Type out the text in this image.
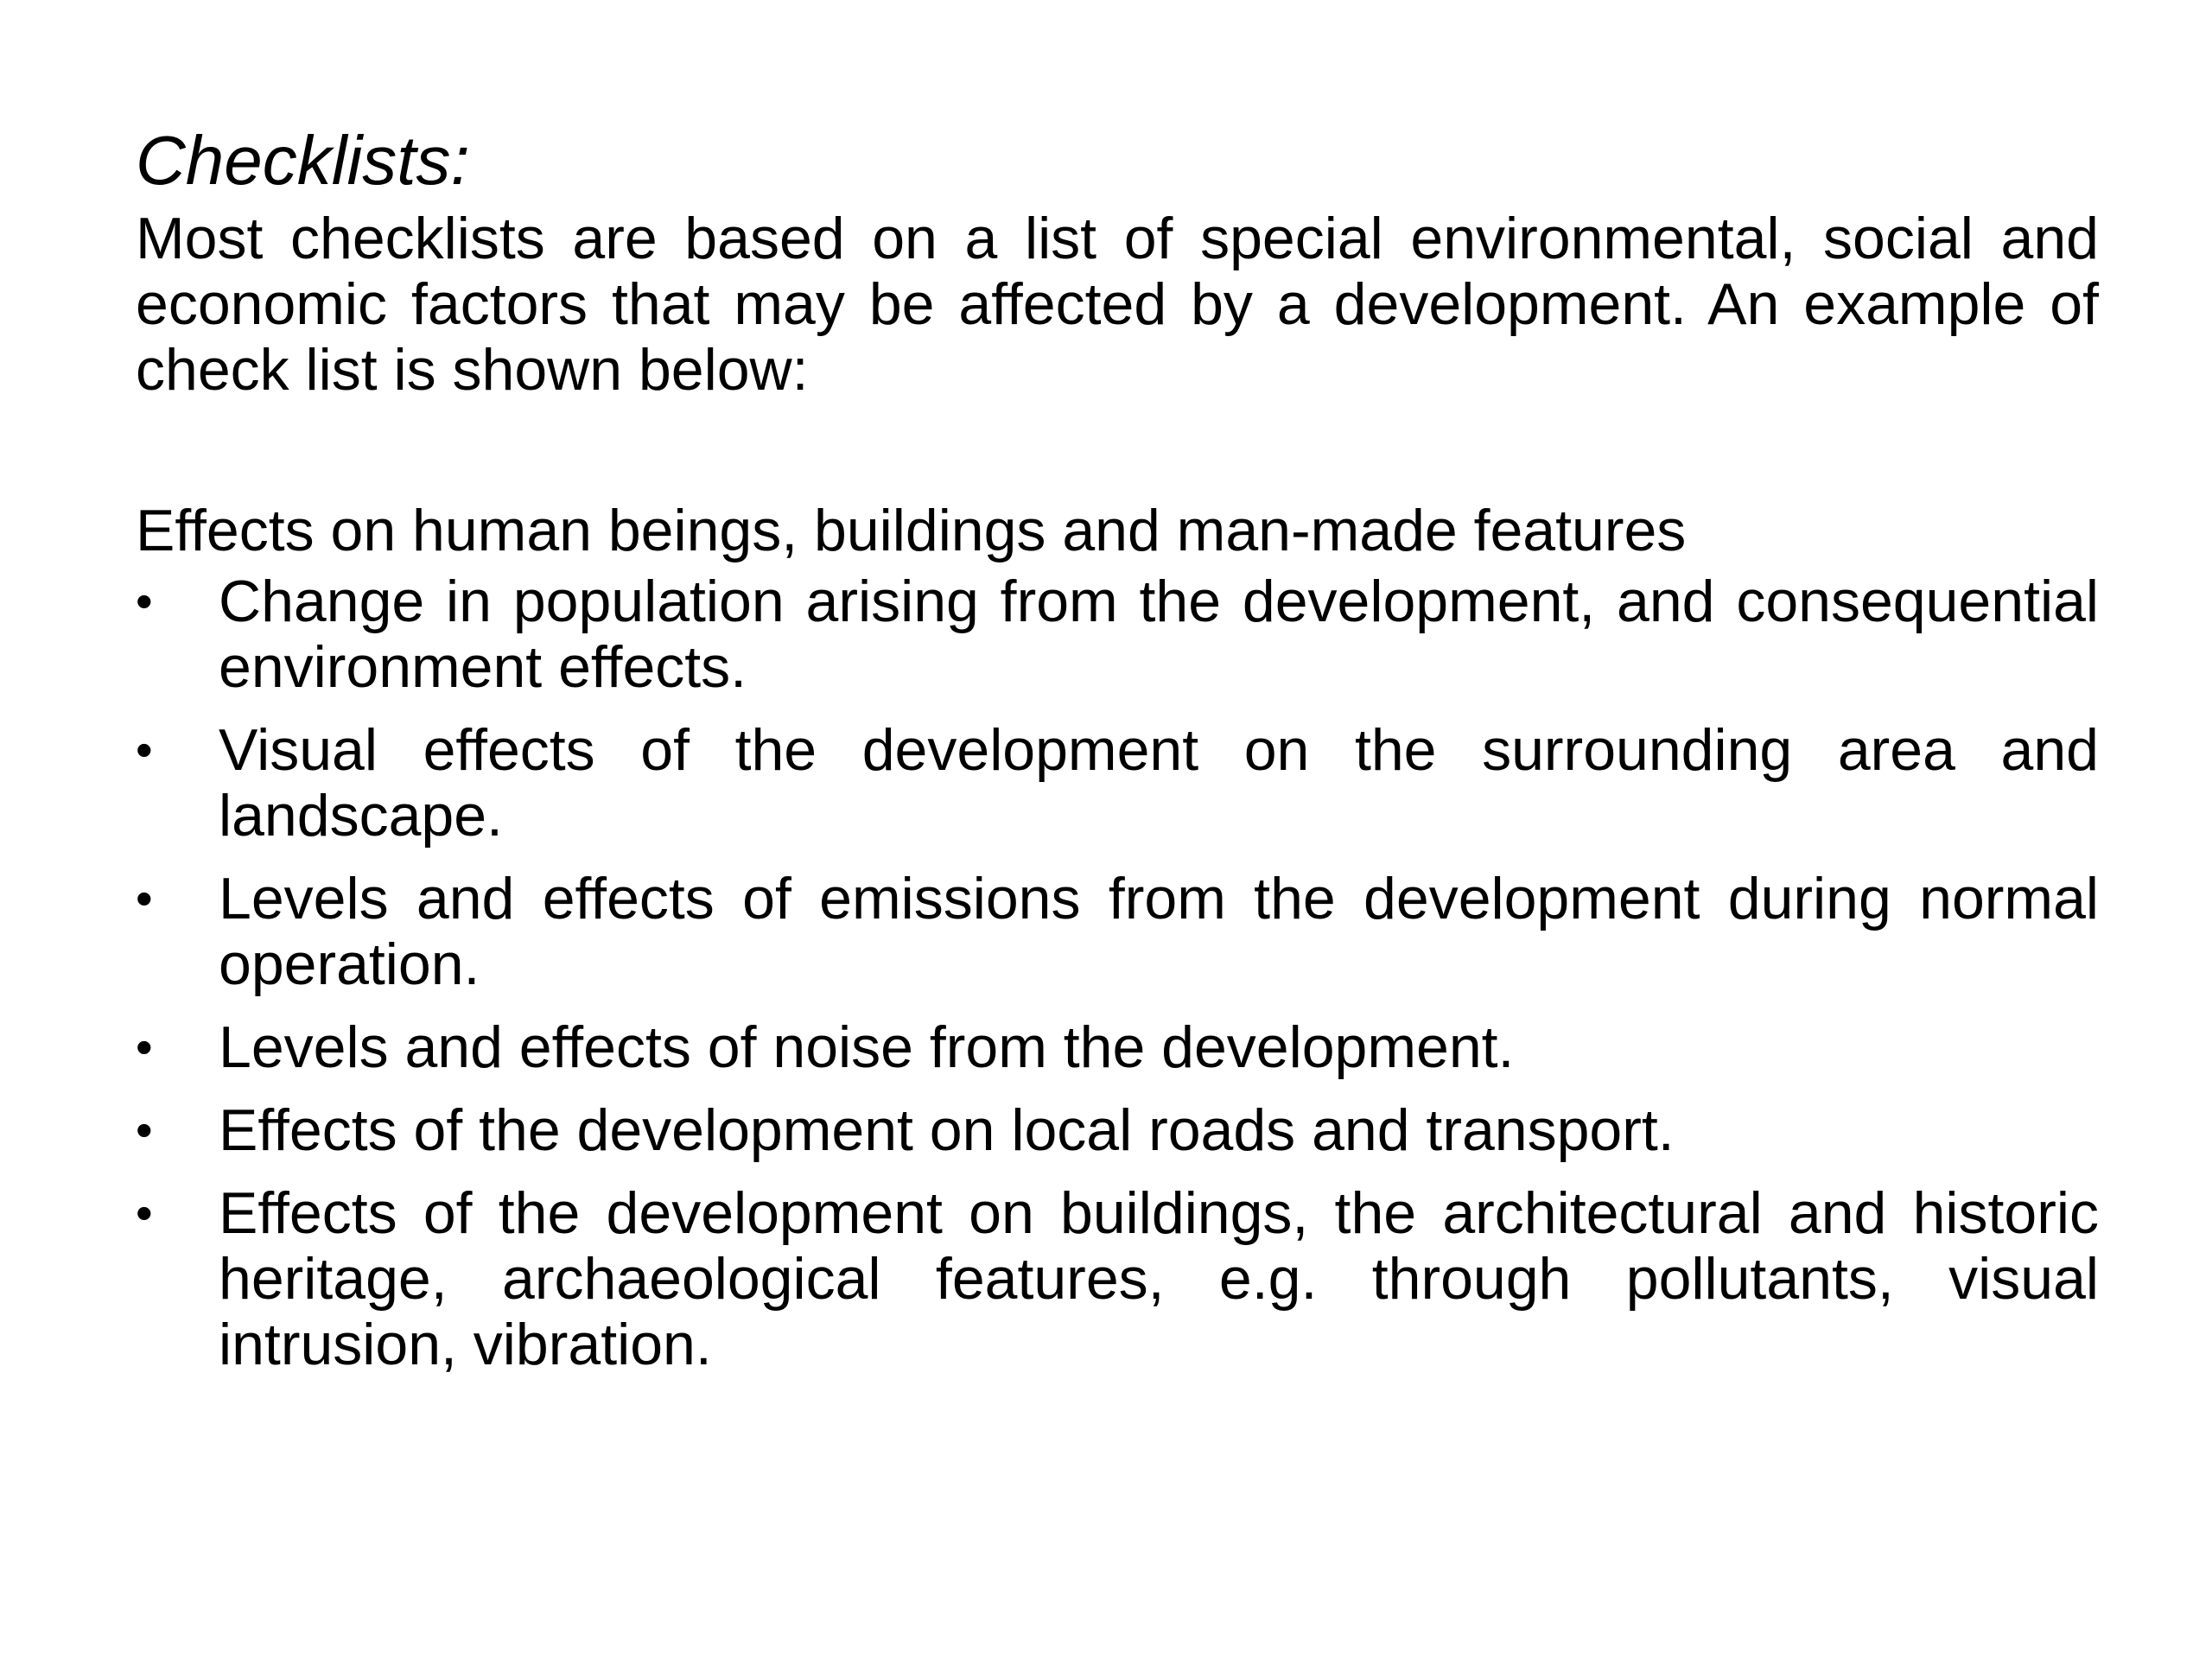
Checklists:

Most checklists are based on a list of special environmental, social and economic factors that may be affected by a development. An example of check list is shown below:

Effects on human beings, buildings and man-made features
•	Change in population arising from the development, and consequential environment effects.
•	Visual effects of the development on the surrounding area and landscape.
•	Levels and effects of emissions from the development during normal operation.
•	Levels and effects of noise from the development.
•	Effects of the development on local roads and transport.
•	Effects of the development on buildings, the architectural and historic heritage, archaeological features, e.g. through pollutants, visual intrusion, vibration.
